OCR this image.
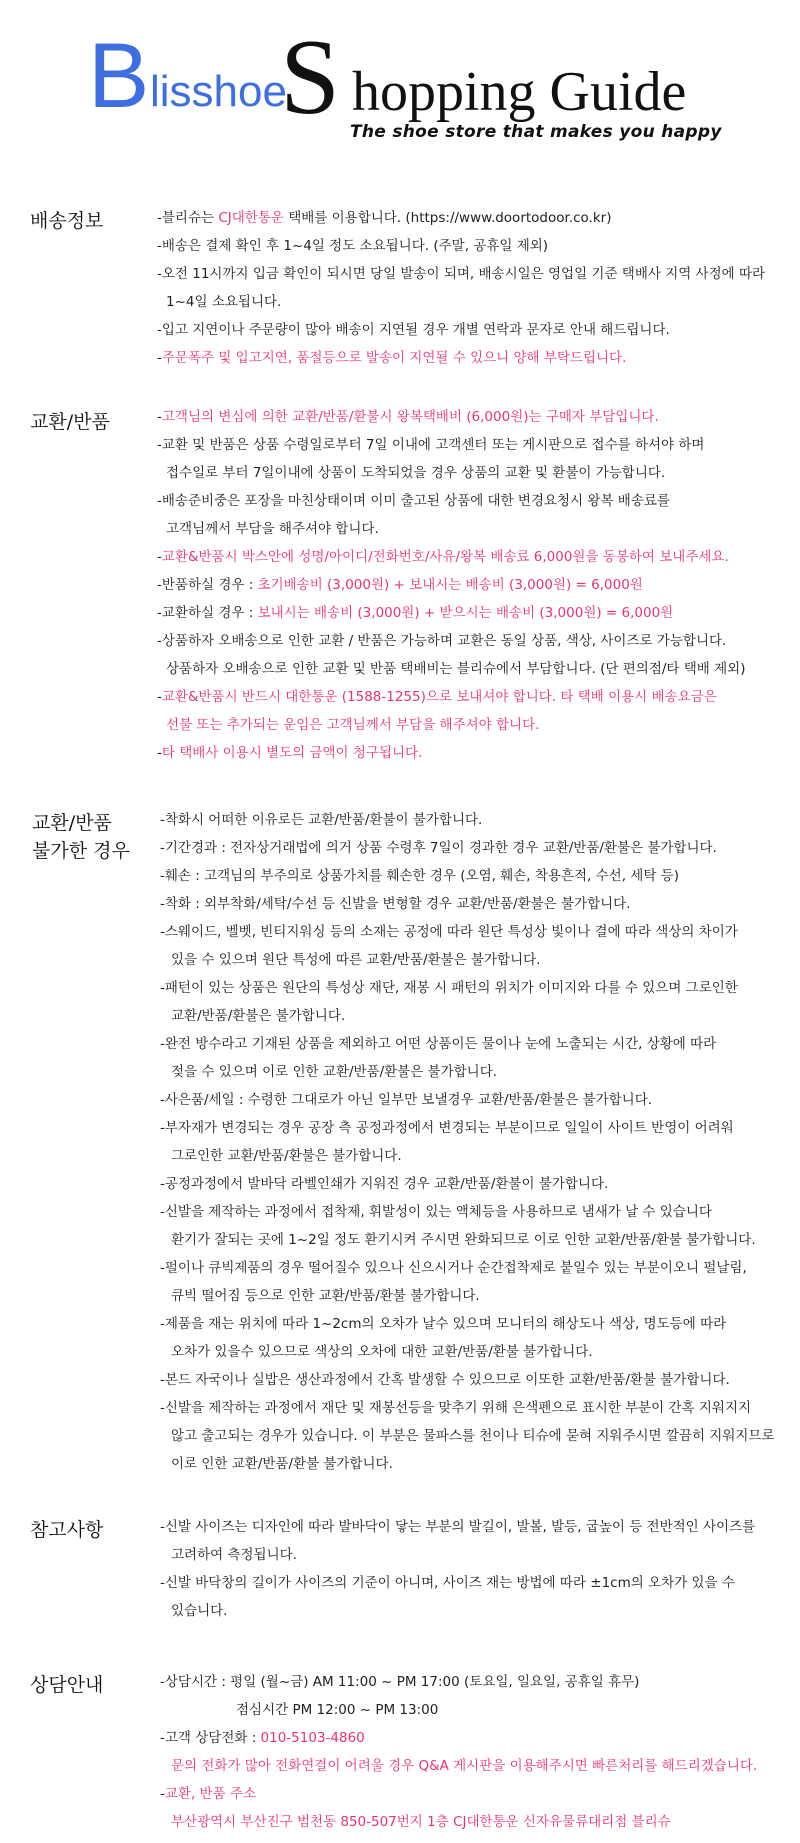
B lisshoe
S hopping Guide
The shoe store that makes you happy
배송정보	-블리슈는 CJ대한통운 택배를 이용합니다. (https://www.doortodoor.co.kr)
-배송은 결제 확인 후 1~4일 정도 소요됩니다. (주말, 공휴일 제외)
-오전 11시까지 입금 확인이 되시면 당일 발송이 되며, 배송시일은 영업일 기준 택배사 지역 사정에 따라
1~4일 소요됩니다.
-입고 지연이나 주문량이 많아 배송이 지연될 경우 개별 연락과 문자로 안내 해드립니다.
-주문폭주 및 입고지연, 품절등으로 발송이 지연될 수 있으니 양해 부탁드립니다.
교환/반품	-고객님의 변심에 의한 교환/반품/환불시 왕복택배비 (6,000원)는 구매자 부담입니다.
-교환 및 반품은 상품 수령일로부터 7일 이내에 고객센터 또는 게시판으로 접수를 하셔야 하며
접수일로 부터 7일이내에 상품이 도착되었을 경우 상품의 교환 및 환불이 가능합니다.
-배송준비중은 포장을 마친상태이며 이미 출고된 상품에 대한 변경요청시 왕복 배송료를
고객님께서 부담을 해주셔야 합니다.
-교환&반품시 박스안에 성명/아이디/전화번호/사유/왕복 배송료 6,000원을 동봉하여 보내주세요.
-반품하실 경우 : 초기배송비 (3,000원) + 보내시는 배송비 (3,000원) = 6,000원
-교환하실 경우 : 보내시는 배송비 (3,000원) + 받으시는 배송비 (3,000원) = 6,000원
-상품하자 오배송으로 인한 교환 / 반품은 가능하며 교환은 동일 상품, 색상, 사이즈로 가능합니다.
상품하자 오배송으로 인한 교환 및 반품 택배비는 블리슈에서 부담합니다. (단 편의점/타 택배 제외)
-교환&반품시 반드시 대한통운 (1588-1255)으로 보내셔야 합니다. 타 택배 이용시 배송요금은
선불 또는 추가되는 운임은 고객님께서 부담을 해주셔야 합니다.
-타 택배사 이용시 별도의 금액이 청구됩니다.
교환/반품
불가한 경우
-착화시 어떠한 이유로든 교환/반품/환불이 불가합니다.
-기간경과 : 전자상거래법에 의거 상품 수령후 7일이 경과한 경우 교환/반품/환불은 불가합니다.
-훼손 : 고객님의 부주의로 상품가치를 훼손한 경우 (오염, 훼손, 착용흔적, 수선, 세탁 등)
-착화 : 외부착화/세탁/수선 등 신발을 변형할 경우 교환/반품/환불은 불가합니다.
-스웨이드, 벨벳, 빈티지워싱 등의 소재는 공정에 따라 원단 특성상 빛이나 결에 따라 색상의 차이가
있을 수 있으며 원단 특성에 따른 교환/반품/환불은 불가합니다.
-패턴이 있는 상품은 원단의 특성상 재단, 재봉 시 패턴의 위치가 이미지와 다를 수 있으며 그로인한
교환/반품/환불은 불가합니다.
-완전 방수라고 기재된 상품을 제외하고 어떤 상품이든 물이나 눈에 노출되는 시간, 상황에 따라
젖을 수 있으며 이로 인한 교환/반품/환불은 불가합니다.
-사은품/세일 : 수령한 그대로가 아닌 일부만 보낼경우 교환/반품/환불은 불가합니다.
-부자재가 변경되는 경우 공장 측 공정과정에서 변경되는 부분이므로 일일이 사이트 반영이 어려워
그로인한 교환/반품/환불은 불가합니다.
-공정과정에서 발바닥 라벨인쇄가 지워진 경우 교환/반품/환불이 불가합니다.
-신발을 제작하는 과정에서 접착제, 휘발성이 있는 액체등을 사용하므로 냄새가 날 수 있습니다
환기가 잘되는 곳에 1~2일 정도 환기시켜 주시면 완화되므로 이로 인한 교환/반품/환불 불가합니다.
-펄이나 큐빅제품의 경우 떨어질수 있으나 신으시거나 순간접착제로 붙일수 있는 부분이오니 펄날림,
큐빅 떨어짐 등으로 인한 교환/반품/환불 불가합니다.
-제품을 재는 위치에 따라 1~2cm의 오차가 날수 있으며 모니터의 해상도나 색상, 명도등에 따라
오차가 있을수 있으므로 색상의 오차에 대한 교환/반품/환불 불가합니다.
-본드 자국이나 실밥은 생산과정에서 간혹 발생할 수 있으므로 이또한 교환/반품/환불 불가합니다.
-신발을 제작하는 과정에서 재단 및 재봉선등을 맞추기 위해 은색펜으로 표시한 부분이 간혹 지워지지
않고 출고되는 경우가 있습니다. 이 부분은 물파스를 천이나 티슈에 묻혀 지워주시면 깔끔히 지워지므로
이로 인한 교환/반품/환불 불가합니다.
참고사항	-신발 사이즈는 디자인에 따라 발바닥이 닿는 부분의 발길이, 발볼, 발등, 굽높이 등 전반적인 사이즈를
고려하여 측정됩니다.
-신발 바닥창의 길이가 사이즈의 기준이 아니며, 사이즈 재는 방법에 따라 ±1cm의 오차가 있을 수
있습니다.
상담안내	-상담시간 : 평일 (월~금) AM 11:00 ~ PM 17:00 (토요일, 일요일, 공휴일 휴무)
점심시간 PM 12:00 ~ PM 13:00
-고객 상담전화 : 010-5103-4860
문의 전화가 많아 전화연결이 어려울 경우 Q&A 게시판을 이용해주시면 빠른처리를 해드리겠습니다.
-교환, 반품 주소
부산광역시 부산진구 범천동 850-507번지 1층 CJ대한통운 신자유물류대리점 블리슈
